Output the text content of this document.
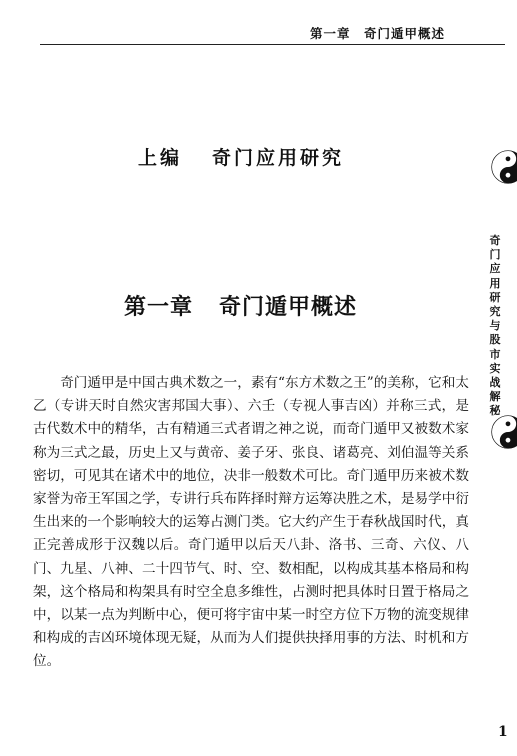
第一章　奇门遁甲概述
上编 奇门应用研究
第一章 奇门遁甲概述

奇门遁甲是中国古典术数之一，素有“东方术数之王”的美称，它和太乙（专讲天时自然灾害邦国大事）、六壬（专视人事吉凶）并称三式，是古代数术中的精华，古有精通三式者谓之神之说，而奇门遁甲又被数术家称为三式之最，历史上又与黄帝、姜子牙、张良、诸葛亮、刘伯温等关系密切，可见其在诸术中的地位，决非一般数术可比。奇门遁甲历来被术数家誉为帝王军国之学，专讲行兵布阵择时辩方运筹决胜之术，是易学中衍生出来的一个影响较大的运筹占测门类。它大约产生于春秋战国时代，真正完善成形于汉魏以后。奇门遁甲以后天八卦、洛书、三奇、六仪、八门、九星、八神、二十四节气、时、空、数相配，以构成其基本格局和构架，这个格局和构架具有时空全息多维性，占测时把具体时日置于格局之中，以某一点为判断中心，便可将宇宙中某一时空方位下万物的流变规律和构成的吉凶环境体现无疑，从而为人们提供抉择用事的方法、时机和方位。

奇门应用研究与股市实战解秘
1
